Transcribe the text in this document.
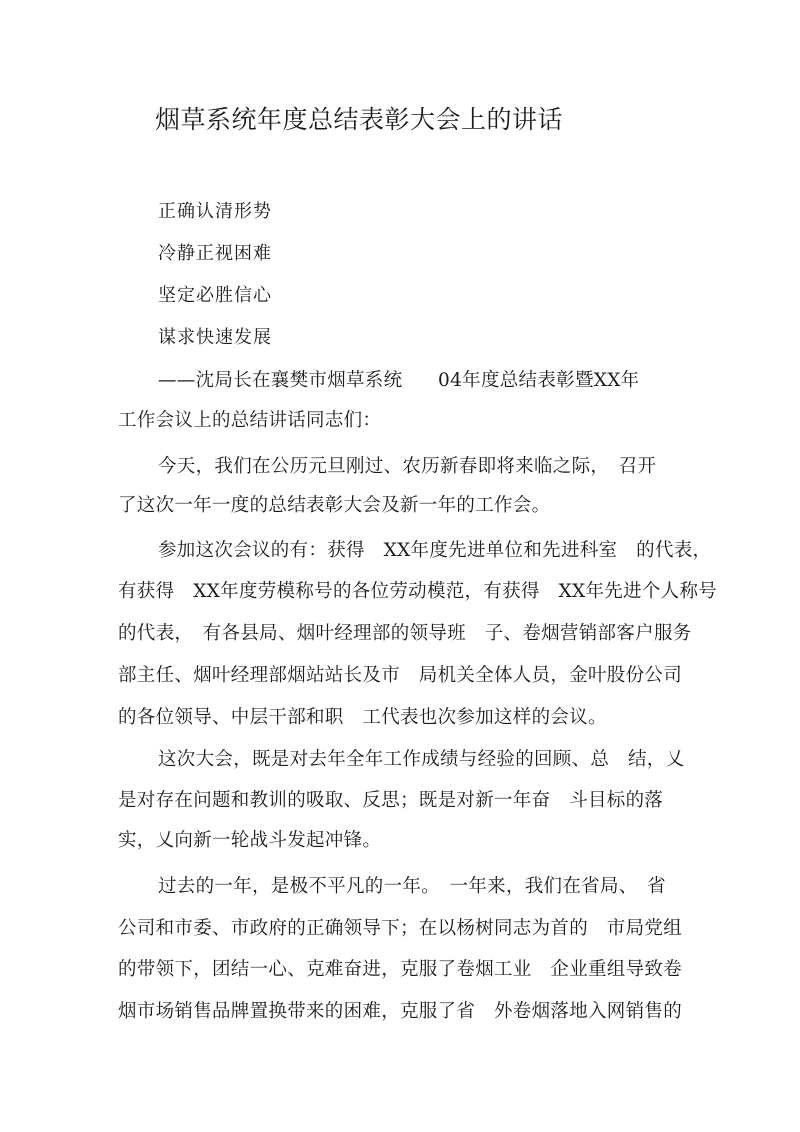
烟草系统年度总结表彰大会上的讲话
正确认清形势
冷静正视困难
坚定必胜信心
谋求快速发展
——沈局长在襄樊市烟草系统 04年度总结表彰暨XX年
工作会议上的总结讲话同志们：
今天，我们在公历元旦刚过、农历新春即将来临之际，　召开
了这次一年一度的总结表彰大会及新一年的工作会。
参加这次会议的有：获得　XX年度先进单位和先进科室　的代表，
有获得　XX年度劳模称号的各位劳动模范，有获得　XX年先进个人称号
的代表，　有各县局、烟叶经理部的领导班　子、卷烟营销部客户服务
部主任、烟叶经理部烟站站长及市　局机关全体人员，金叶股份公司
的各位领导、中层干部和职　工代表也次参加这样的会议。
这次大会，既是对去年全年工作成绩与经验的回顾、总　结，乂
是对存在问题和教训的吸取、反思；既是对新一年奋　斗目标的落
实，乂向新一轮战斗发起冲锋。
过去的一年，是极不平凡的一年。　一年来，我们在省局、　省
公司和市委、市政府的正确领导下；在以杨树同志为首的　市局党组
的带领下，团结一心、克难奋进，克服了卷烟工业　企业重组导致卷
烟市场销售品牌置换带来的困难，克服了省　外卷烟落地入网销售的
